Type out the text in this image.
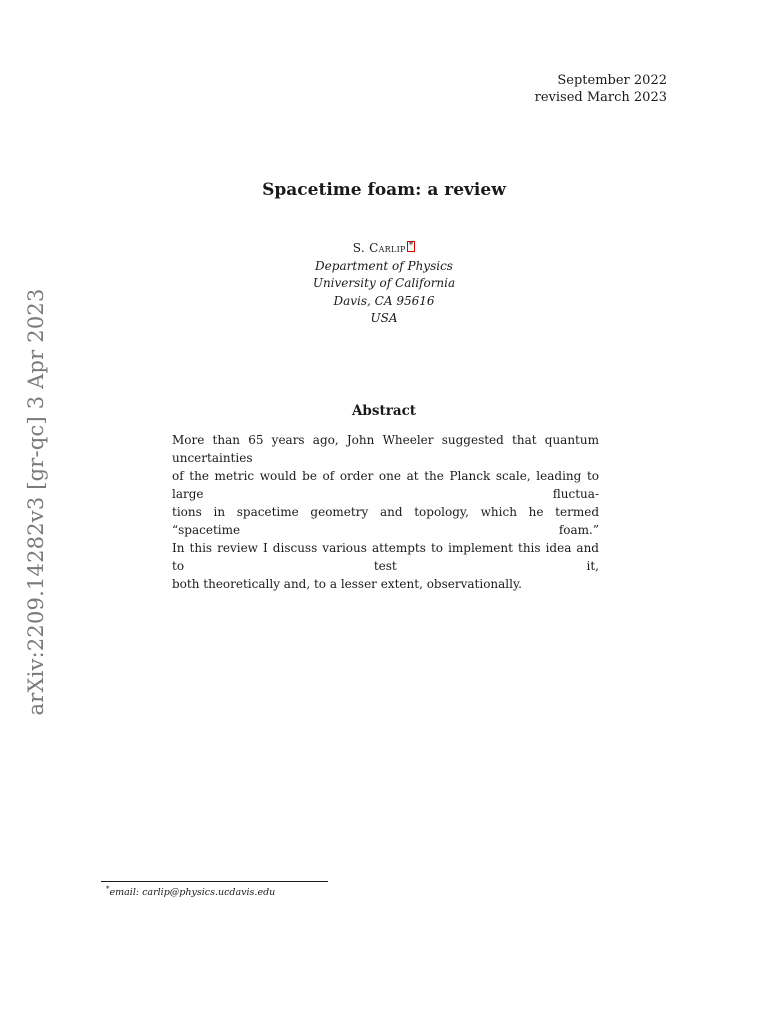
September 2022
revised March 2023
Spacetime foam: a review
S. Carlip *
Department of Physics
University of California
Davis, CA 95616
USA
Abstract
More than 65 years ago, John Wheeler suggested that quantum uncertainties
of the metric would be of order one at the Planck scale, leading to large fluctua-
tions in spacetime geometry and topology, which he termed “spacetime foam.”
In this review I discuss various attempts to implement this idea and to test it,
both theoretically and, to a lesser extent, observationally.
arXiv:2209.14282v3 [gr-qc] 3 Apr 2023
*email: carlip@physics.ucdavis.edu
